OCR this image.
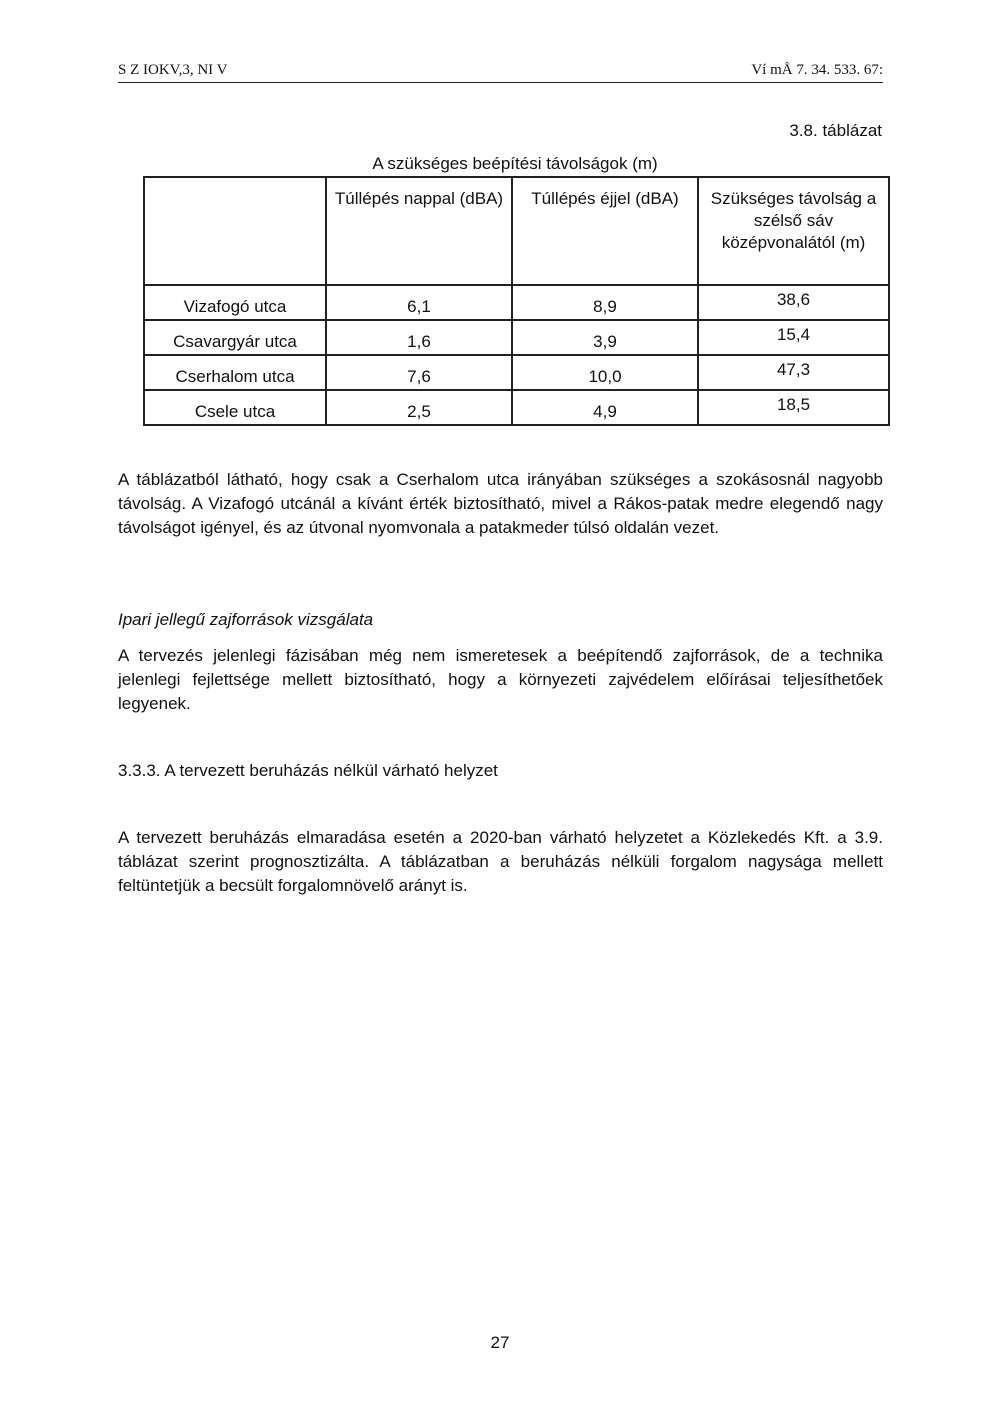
S Z IOKV,3, NI V	Ví mÅ 7. 34. 533. 67:
3.8. táblázat
A szükséges beépítési távolságok (m)
	Túllépés nappal (dBA)	Túllépés éjjel (dBA)	Szükséges távolság a szélső sáv középvonalától (m)
Vizafogó utca	6,1	8,9	38,6
Csavargyár utca	1,6	3,9	15,4
Cserhalom utca	7,6	10,0	47,3
Csele utca	2,5	4,9	18,5

A táblázatból látható, hogy csak a Cserhalom utca irányában szükséges a szokásosnál nagyobb távolság. A Vizafogó utcánál a kívánt érték biztosítható, mivel a Rákos-patak medre elegendő nagy távolságot igényel, és az útvonal nyomvonala a patakmeder túlsó oldalán vezet.

Ipari jellegű zajforrások vizsgálata

A tervezés jelenlegi fázisában még nem ismeretesek a beépítendő zajforrások, de a technika jelenlegi fejlettsége mellett biztosítható, hogy a környezeti zajvédelem előírásai teljesíthetőek legyenek.

3.3.3. A tervezett beruházás nélkül várható helyzet

A tervezett beruházás elmaradása esetén a 2020-ban várható helyzetet a Közlekedés Kft. a 3.9. táblázat szerint prognosztizálta. A táblázatban a beruházás nélküli forgalom nagysága mellett feltüntetjük a becsült forgalomnövelő arányt is.

27
